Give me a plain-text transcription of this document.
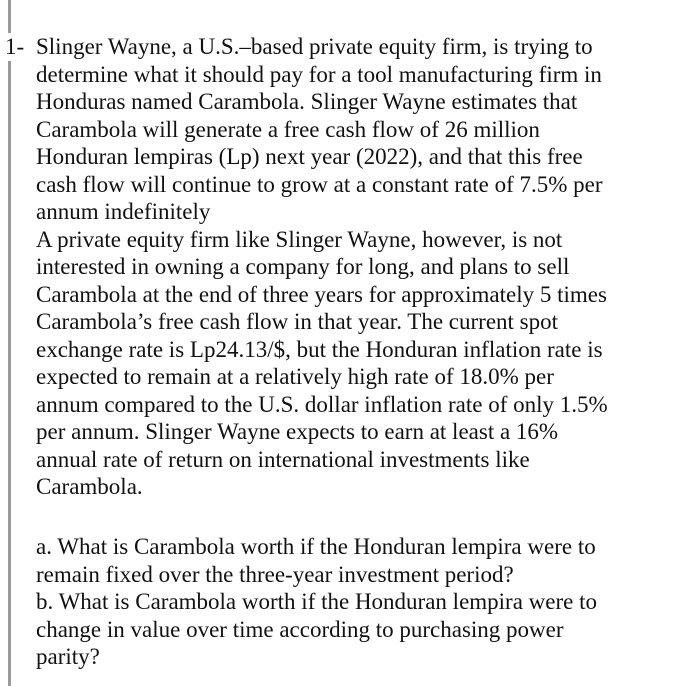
1- Slinger Wayne, a U.S.–based private equity firm, is trying to
determine what it should pay for a tool manufacturing firm in
Honduras named Carambola. Slinger Wayne estimates that
Carambola will generate a free cash flow of 26 million
Honduran lempiras (Lp) next year (2022), and that this free
cash flow will continue to grow at a constant rate of 7.5% per
annum indefinitely
A private equity firm like Slinger Wayne, however, is not
interested in owning a company for long, and plans to sell
Carambola at the end of three years for approximately 5 times
Carambola’s free cash flow in that year. The current spot
exchange rate is Lp24.13/$, but the Honduran inflation rate is
expected to remain at a relatively high rate of 18.0% per
annum compared to the U.S. dollar inflation rate of only 1.5%
per annum. Slinger Wayne expects to earn at least a 16%
annual rate of return on international investments like
Carambola.
a. What is Carambola worth if the Honduran lempira were to
remain fixed over the three-year investment period?
b. What is Carambola worth if the Honduran lempira were to
change in value over time according to purchasing power
parity?
